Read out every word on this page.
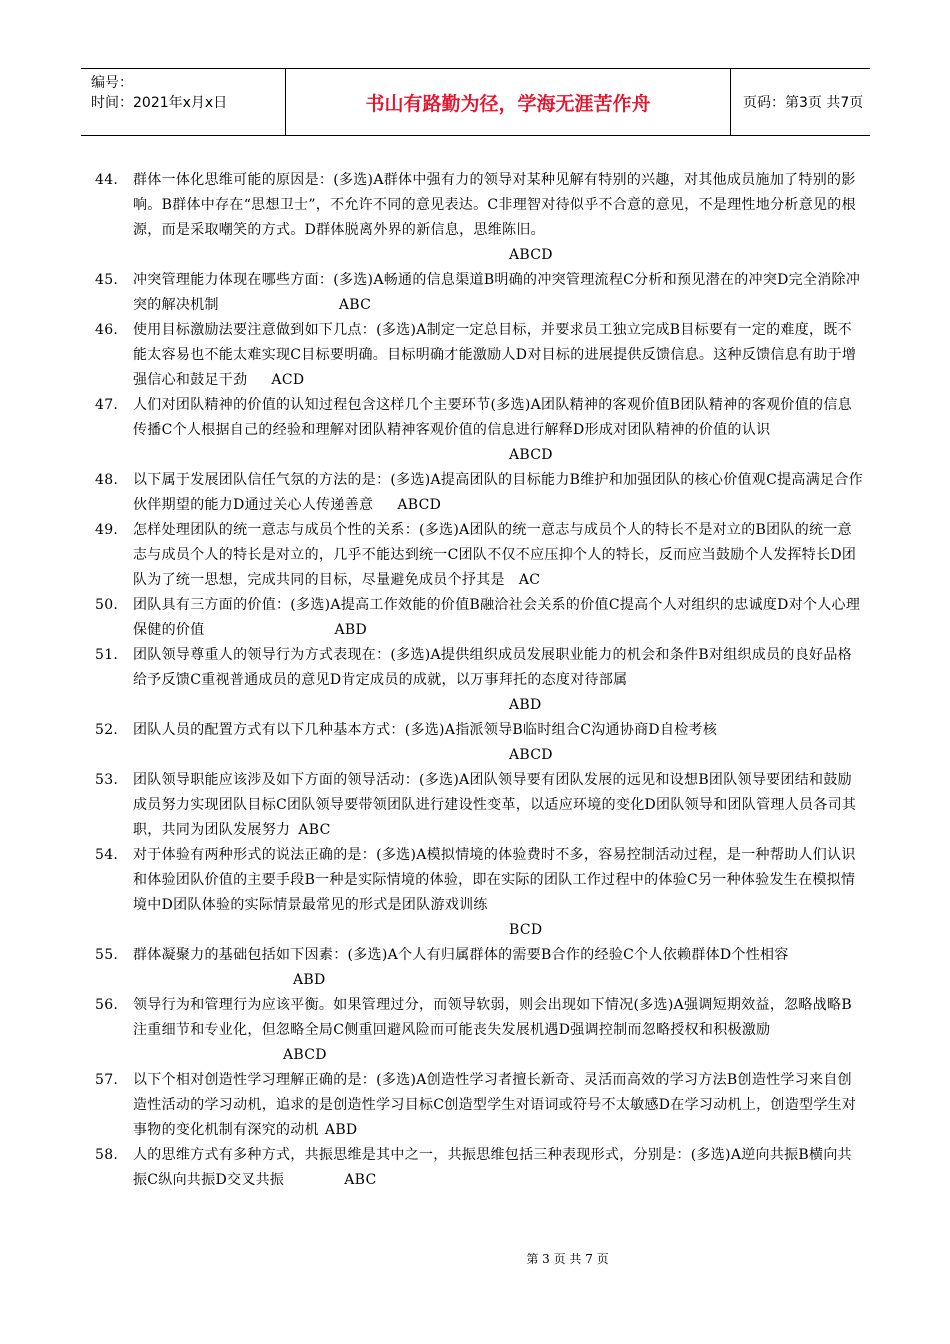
编号：
时间：2021年x月x日	书山有路勤为径，学海无涯苦作舟	页码：第3页 共7页
44.	群体一体化思维可能的原因是：(多选)A群体中强有力的领导对某种见解有特别的兴趣，对其他成员施加了特别的影响。B群体中存在“思想卫士”，不允许不同的意见表达。C非理智对待似乎不合意的意见，不是理性地分析意见的根源，而是采取嘲笑的方式。D群体脱离外界的新信息，思维陈旧。
ABCD
45.	冲突管理能力体现在哪些方面：(多选)A畅通的信息渠道B明确的冲突管理流程C分析和预见潜在的冲突D完全消除冲突的解决机制	ABC
46.	使用目标激励法要注意做到如下几点：(多选)A制定一定总目标，并要求员工独立完成B目标要有一定的难度，既不能太容易也不能太难实现C目标要明确。目标明确才能激励人D对目标的进展提供反馈信息。这种反馈信息有助于增强信心和鼓足干劲 ACD
47.	人们对团队精神的价值的认知过程包含这样几个主要环节(多选)A团队精神的客观价值B团队精神的客观价值的信息传播C个人根据自己的经验和理解对团队精神客观价值的信息进行解释D形成对团队精神的价值的认识
ABCD
48.	以下属于发展团队信任气氛的方法的是：(多选)A提高团队的目标能力B维护和加强团队的核心价值观C提高满足合作伙伴期望的能力D通过关心人传递善意 ABCD
49.	怎样处理团队的统一意志与成员个性的关系：(多选)A团队的统一意志与成员个人的特长不是对立的B团队的统一意志与成员个人的特长是对立的，几乎不能达到统一C团队不仅不应压抑个人的特长，反而应当鼓励个人发挥特长D团队为了统一思想，完成共同的目标，尽量避免成员个抒其是 AC
50.	团队具有三方面的价值：(多选)A提高工作效能的价值B融洽社会关系的价值C提高个人对组织的忠诚度D对个人心理保健的价值	ABD
51.	团队领导尊重人的领导行为方式表现在：(多选)A提供组织成员发展职业能力的机会和条件B对组织成员的良好品格给予反馈C重视普通成员的意见D肯定成员的成就，以万事拜托的态度对待部属
ABD
52.	团队人员的配置方式有以下几种基本方式：(多选)A指派领导B临时组合C沟通协商D自检考核
ABCD
53.	团队领导职能应该涉及如下方面的领导活动：(多选)A团队领导要有团队发展的远见和设想B团队领导要团结和鼓励成员努力实现团队目标C团队领导要带领团队进行建设性变革，以适应环境的变化D团队领导和团队管理人员各司其职，共同为团队发展努力 ABC
54.	对于体验有两种形式的说法正确的是：(多选)A模拟情境的体验费时不多，容易控制活动过程，是一种帮助人们认识和体验团队价值的主要手段B一种是实际情境的体验，即在实际的团队工作过程中的体验C另一种体验发生在模拟情境中D团队体验的实际情景最常见的形式是团队游戏训练
BCD
55.	群体凝聚力的基础包括如下因素：(多选)A个人有归属群体的需要B合作的经验C个人依赖群体D个性相容ABD
56.	领导行为和管理行为应该平衡。如果管理过分，而领导软弱，则会出现如下情况(多选)A强调短期效益，忽略战略B注重细节和专业化，但忽略全局C侧重回避风险而可能丧失发展机遇D强调控制而忽略授权和积极激励ABCD
57.	以下个相对创造性学习理解正确的是：(多选)A创造性学习者擅长新奇、灵活而高效的学习方法B创造性学习来自创造性活动的学习动机，追求的是创造性学习目标C创造型学生对语词或符号不太敏感D在学习动机上，创造型学生对事物的变化机制有深究的动机 ABD
58.	人的思维方式有多种方式，共振思维是其中之一，共振思维包括三种表现形式，分别是：(多选)A逆向共振B横向共振C纵向共振D交叉共振	ABC
第 3 页 共 7 页
